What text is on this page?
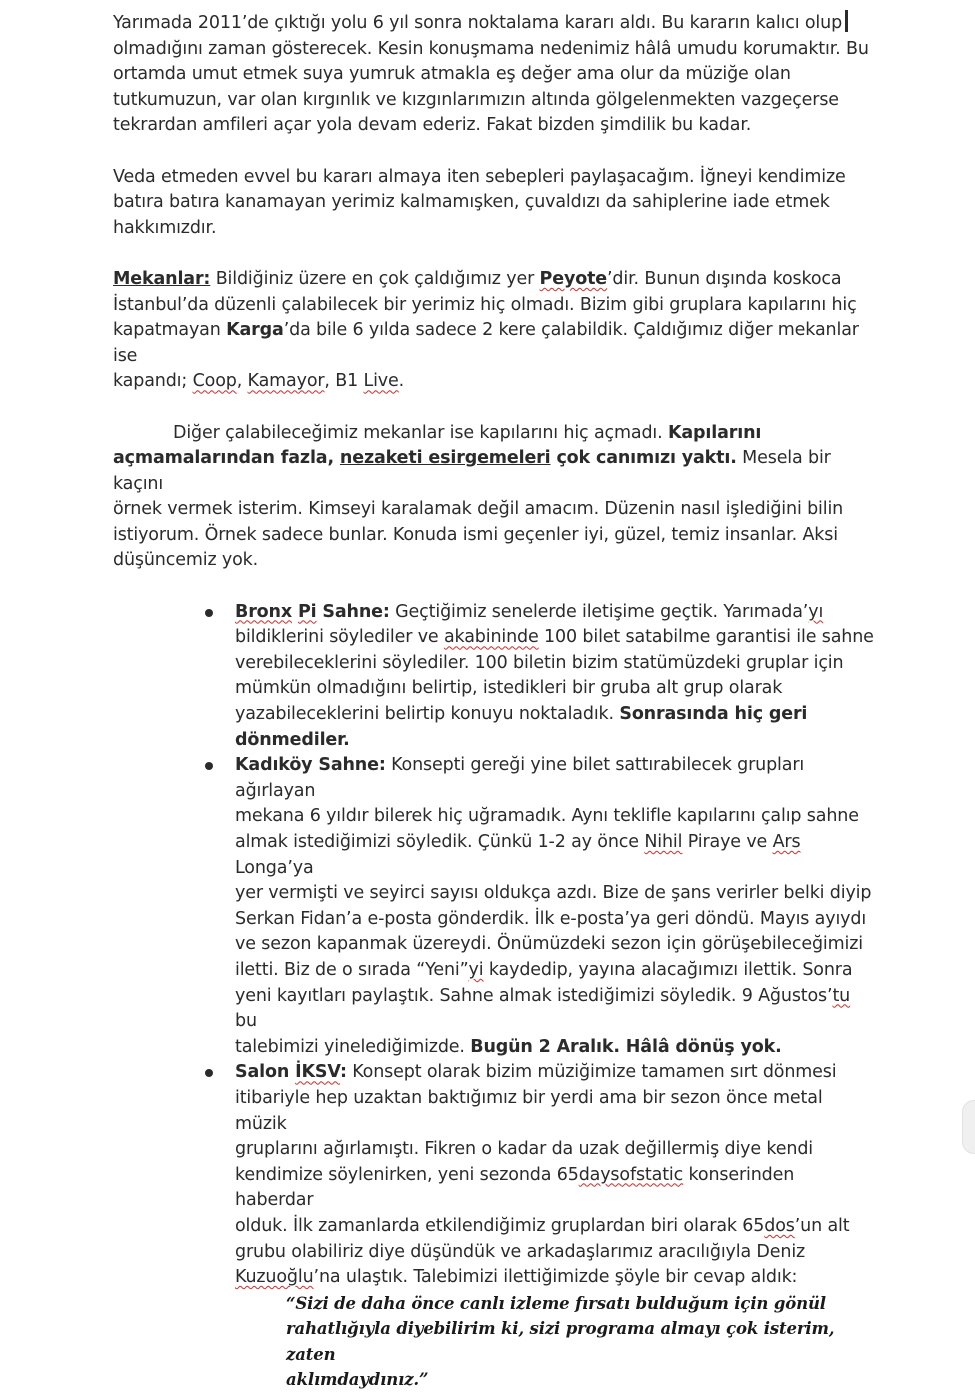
Yarımada 2011’de çıktığı yolu 6 yıl sonra noktalama kararı aldı. Bu kararın kalıcı olup
olmadığını zaman gösterecek. Kesin konuşmama nedenimiz hâlâ umudu korumaktır. Bu
ortamda umut etmek suya yumruk atmakla eş değer ama olur da müziğe olan
tutkumuzun, var olan kırgınlık ve kızgınlarımızın altında gölgelenmekten vazgeçerse
tekrardan amfileri açar yola devam ederiz. Fakat bizden şimdilik bu kadar.

Veda etmeden evvel bu kararı almaya iten sebepleri paylaşacağım. İğneyi kendimize
batıra batıra kanamayan yerimiz kalmamışken, çuvaldızı da sahiplerine iade etmek
hakkımızdır.

Mekanlar: Bildiğiniz üzere en çok çaldığımız yer Peyote’dir. Bunun dışında koskoca
İstanbul’da düzenli çalabilecek bir yerimiz hiç olmadı. Bizim gibi gruplara kapılarını hiç
kapatmayan Karga’da bile 6 yılda sadece 2 kere çalabildik. Çaldığımız diğer mekanlar ise
kapandı; Coop, Kamayor, B1 Live.

Diğer çalabileceğimiz mekanlar ise kapılarını hiç açmadı. Kapılarını
açmamalarından fazla, nezaketi esirgemeleri çok canımızı yaktı. Mesela bir kaçını
örnek vermek isterim. Kimseyi karalamak değil amacım. Düzenin nasıl işlediğini bilin
istiyorum. Örnek sadece bunlar. Konuda ismi geçenler iyi, güzel, temiz insanlar. Aksi
düşüncemiz yok.

Bronx Pi Sahne: Geçtiğimiz senelerde iletişime geçtik. Yarımada’yı
bildiklerini söylediler ve akabininde 100 bilet satabilme garantisi ile sahne
verebileceklerini söylediler. 100 biletin bizim statümüzdeki gruplar için
mümkün olmadığını belirtip, istedikleri bir gruba alt grup olarak
yazabileceklerini belirtip konuyu noktaladık. Sonrasında hiç geri
dönmediler.
Kadıköy Sahne: Konsepti gereği yine bilet sattırabilecek grupları ağırlayan
mekana 6 yıldır bilerek hiç uğramadık. Aynı teklifle kapılarını çalıp sahne
almak istediğimizi söyledik. Çünkü 1-2 ay önce Nihil Piraye ve Ars Longa’ya
yer vermişti ve seyirci sayısı oldukça azdı. Bize de şans verirler belki diyip
Serkan Fidan’a e-posta gönderdik. İlk e-posta’ya geri döndü. Mayıs ayıydı
ve sezon kapanmak üzereydi. Önümüzdeki sezon için görüşebileceğimizi
iletti. Biz de o sırada “Yeni”yi kaydedip, yayına alacağımızı ilettik. Sonra
yeni kayıtları paylaştık. Sahne almak istediğimizi söyledik. 9 Ağustos’tu bu
talebimizi yinelediğimizde. Bugün 2 Aralık. Hâlâ dönüş yok.
Salon İKSV: Konsept olarak bizim müziğimize tamamen sırt dönmesi
itibariyle hep uzaktan baktığımız bir yerdi ama bir sezon önce metal müzik
gruplarını ağırlamıştı. Fikren o kadar da uzak değillermiş diye kendi
kendimize söylenirken, yeni sezonda 65daysofstatic konserinden haberdar
olduk. İlk zamanlarda etkilendiğimiz gruplardan biri olarak 65dos’un alt
grubu olabiliriz diye düşündük ve arkadaşlarımız aracılığıyla Deniz
Kuzuoğlu’na ulaştık. Talebimizi ilettiğimizde şöyle bir cevap aldık:

“Sizi de daha önce canlı izleme fırsatı bulduğum için gönül
rahatlığıyla diyebilirim ki, sizi programa almayı çok isterim, zaten
aklımdaydınız.”
